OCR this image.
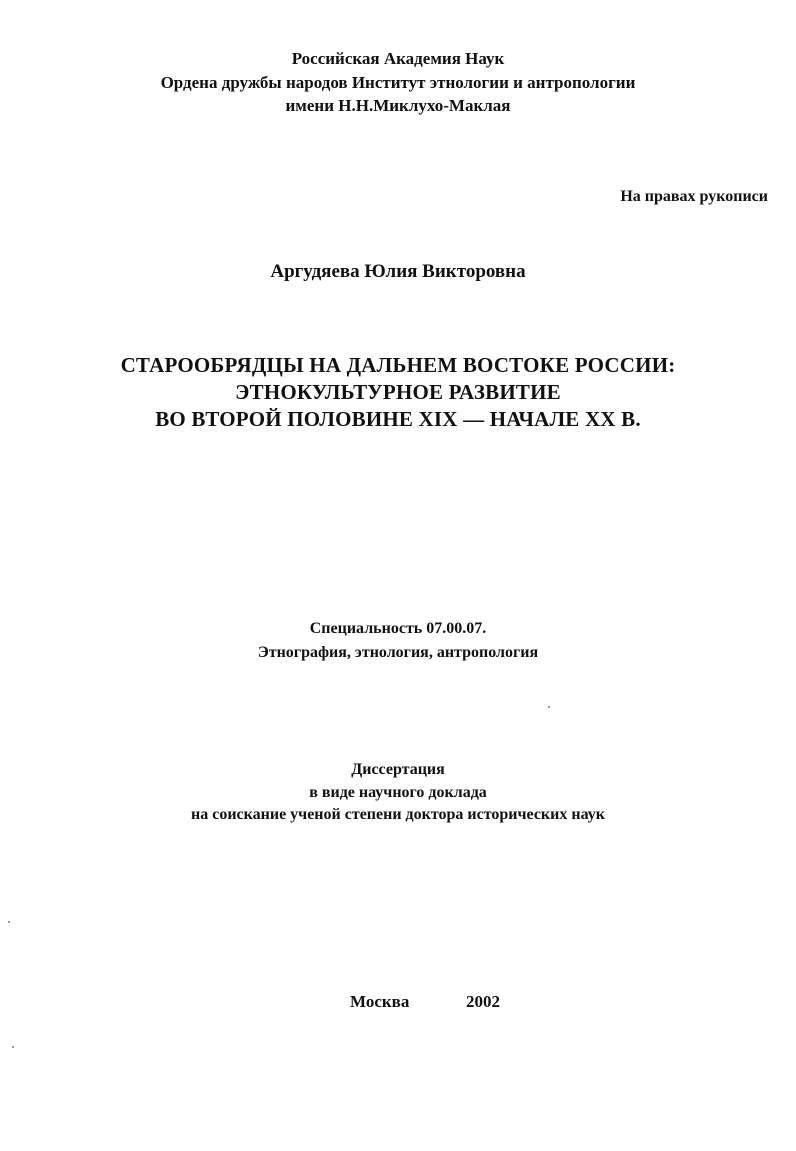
Российская Академия Наук
Ордена дружбы народов Институт этнологии и антропологии
имени Н.Н.Миклухо-Маклая
На правах рукописи
Аргудяева Юлия Викторовна
СТАРООБРЯДЦЫ НА ДАЛЬНЕМ ВОСТОКЕ РОССИИ:
ЭТНОКУЛЬТУРНОЕ РАЗВИТИЕ
ВО ВТОРОЙ ПОЛОВИНЕ XIX — НАЧАЛЕ XX В.
Специальность 07.00.07.
Этнография, этнология, антропология
Диссертация
в виде научного доклада
на соискание ученой степени доктора исторических наук
Москва	2002
